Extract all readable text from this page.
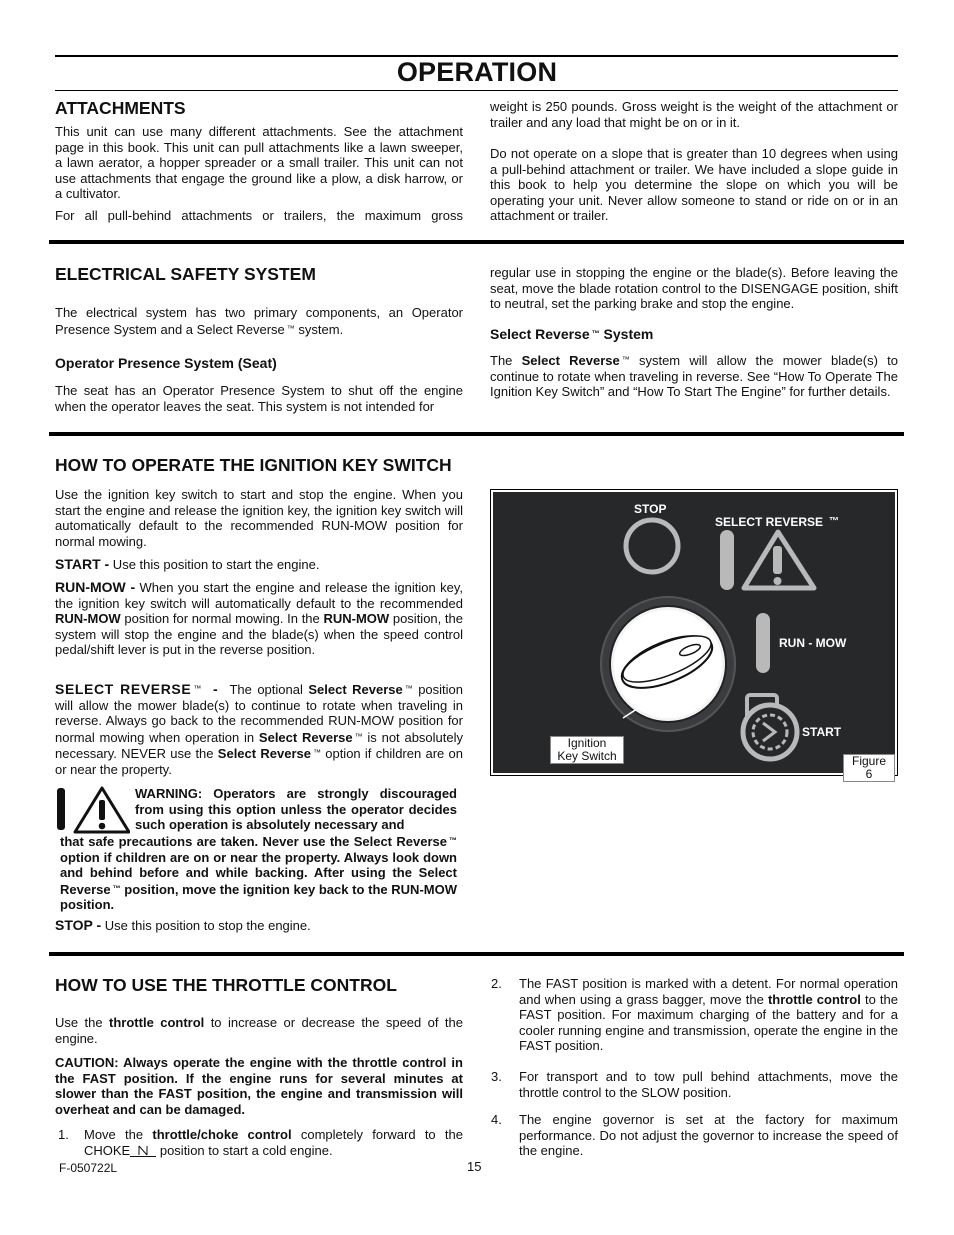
OPERATION
ATTACHMENTS
This unit can use many different attachments. See the attachment page in this book. This unit can pull attachments like a lawn sweeper, a lawn aerator, a hopper spreader or a small trailer. This unit can not use attachments that engage the ground like a plow, a disk harrow, or a cultivator.
For all pull-behind attachments or trailers, the maximum gross
weight is 250 pounds. Gross weight is the weight of the attachment or trailer and any load that might be on or in it.
Do not operate on a slope that is greater than 10 degrees when using a pull-behind attachment or trailer. We have included a slope guide in this book to help you determine the slope on which you will be operating your unit. Never allow someone to stand or ride on or in an attachment or trailer.
ELECTRICAL SAFETY SYSTEM
The electrical system has two primary components, an Operator Presence System and a Select Reverse ™ system.
Operator Presence System (Seat)
The seat has an Operator Presence System to shut off the engine when the operator leaves the seat. This system is not intended for
regular use in stopping the engine or the blade(s). Before leaving the seat, move the blade rotation control to the DISENGAGE position, shift to neutral, set the parking brake and stop the engine.
Select Reverse ™ System
The Select Reverse ™ system will allow the mower blade(s) to continue to rotate when traveling in reverse. See “How To Operate The Ignition Key Switch” and “How To Start The Engine” for further details.
HOW TO OPERATE THE IGNITION KEY SWITCH
Use the ignition key switch to start and stop the engine. When you start the engine and release the ignition key, the ignition key switch will automatically default to the recommended RUN-MOW position for normal mowing.
START - Use this position to start the engine.
RUN-MOW - When you start the engine and release the ignition key, the ignition key switch will automatically default to the recommended RUN-MOW position for normal mowing. In the RUN-MOW position, the system will stop the engine and the blade(s) when the speed control pedal/shift lever is put in the reverse position.
SELECT REVERSE ™ - The optional Select Reverse ™ position will allow the mower blade(s) to continue to rotate when traveling in reverse. Always go back to the recommended RUN-MOW position for normal mowing when operation in Select Reverse ™ is not absolutely necessary. NEVER use the Select Reverse ™ option if children are on or near the property.
WARNING: Operators are strongly discouraged from using this option unless the operator decides such operation is absolutely necessary and
that safe precautions are taken. Never use the Select Reverse ™ option if children are on or near the property. Always look down and behind before and while backing. After using the Select Reverse ™ position, move the ignition key back to the RUN-MOW position.
STOP - Use this position to stop the engine.
STOP
SELECT REVERSE ™
RUN - MOW
START
Ignition
Key Switch	Figure 6
HOW TO USE THE THROTTLE CONTROL
Use the throttle control to increase or decrease the speed of the engine.
CAUTION: Always operate the engine with the throttle control in the FAST position. If the engine runs for several minutes at slower than the FAST position, the engine and transmission will overheat and can be damaged.
1. Move the throttle/choke control completely forward to the CHOKE
position to start a cold engine.
2. The FAST position is marked with a detent. For normal operation and when using a grass bagger, move the throttle control to the FAST position. For maximum charging of the battery and for a cooler running engine and transmission, operate the engine in the FAST position.
3. For transport and to tow pull behind attachments, move the throttle control to the SLOW position.
4. The engine governor is set at the factory for maximum performance. Do not adjust the governor to increase the speed of the engine.
F-050722L	15
